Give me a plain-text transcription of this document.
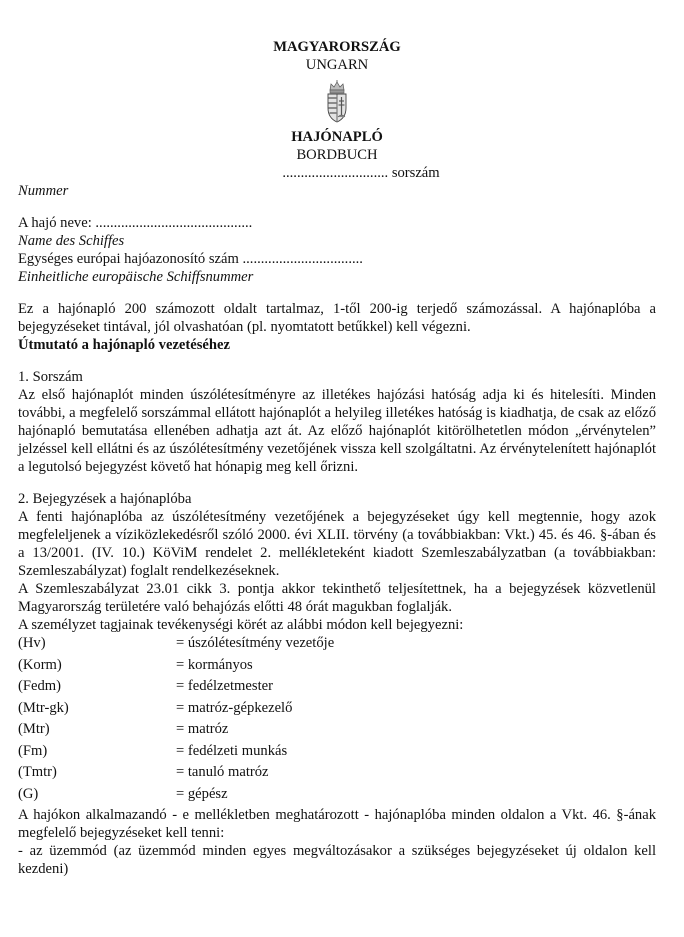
MAGYARORSZÁG
UNGARN
HAJÓNAPLÓ
BORDBUCH
............................. sorszám
Nummer
A hajó neve: ...........................................
Name des Schiffes
Egységes európai hajóazonosító szám .................................
Einheitliche europäische Schiffsnummer

Ez a hajónapló 200 számozott oldalt tartalmaz, 1-től 200-ig terjedő számozással. A hajónaplóba a bejegyzéseket tintával, jól olvashatóan (pl. nyomtatott betűkkel) kell végezni.

Útmutató a hajónapló vezetéséhez

1. Sorszám

Az első hajónaplót minden úszólétesítményre az illetékes hajózási hatóság adja ki és hitelesíti. Minden további, a megfelelő sorszámmal ellátott hajónaplót a helyileg illetékes hatóság is kiadhatja, de csak az előző hajónapló bemutatása ellenében adhatja azt át. Az előző hajónaplót kitörölhetetlen módon „érvénytelen” jelzéssel kell ellátni és az úszólétesítmény vezetőjének vissza kell szolgáltatni. Az érvénytelenített hajónaplót a legutolsó bejegyzést követő hat hónapig meg kell őrizni.

2. Bejegyzések a hajónaplóba

A fenti hajónaplóba az úszólétesítmény vezetőjének a bejegyzéseket úgy kell megtennie, hogy azok megfeleljenek a víziközlekedésről szóló 2000. évi XLII. törvény (a továbbiakban: Vkt.) 45. és 46. §-ában és a 13/2001. (IV. 10.) KöViM rendelet 2. mellékleteként kiadott Szemleszabályzatban (a továbbiakban: Szemleszabályzat) foglalt rendelkezéseknek.

A Szemleszabályzat 23.01 cikk 3. pontja akkor tekinthető teljesítettnek, ha a bejegyzések közvetlenül Magyarország területére való behajózás előtti 48 órát magukban foglalják.

A személyzet tagjainak tevékenységi körét az alábbi módon kell bejegyezni:

(Hv)	= úszólétesítmény vezetője
(Korm)	= kormányos
(Fedm)	= fedélzetmester
(Mtr-gk)	= matróz-gépkezelő
(Mtr)	= matróz
(Fm)	= fedélzeti munkás
(Tmtr)	= tanuló matróz
(G)	= gépész

A hajókon alkalmazandó - e mellékletben meghatározott - hajónaplóba minden oldalon a Vkt. 46. §-ának megfelelő bejegyzéseket kell tenni:

- az üzemmód (az üzemmód minden egyes megváltozásakor a szükséges bejegyzéseket új oldalon kell kezdeni)
